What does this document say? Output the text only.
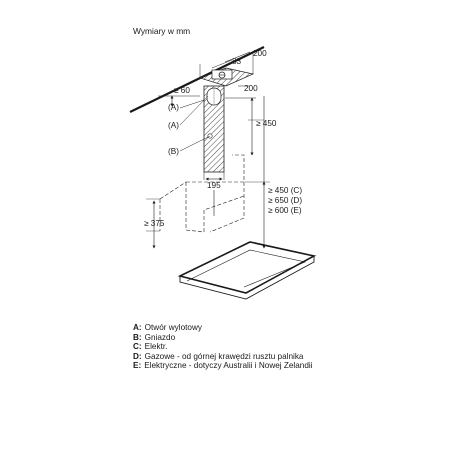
Wymiary w mm
200
83
200
≥ 60
(A)
(A)
(B)
≥ 450
195
≥ 450 (C)
≥ 650 (D)
≥ 600 (E)
≥ 375
A: Otwór wylotowy
B: Gniazdo
C: Elektr.
D: Gazowe - od górnej krawędzi rusztu palnika
E: Elektryczne - dotyczy Australii i Nowej Zelandii
